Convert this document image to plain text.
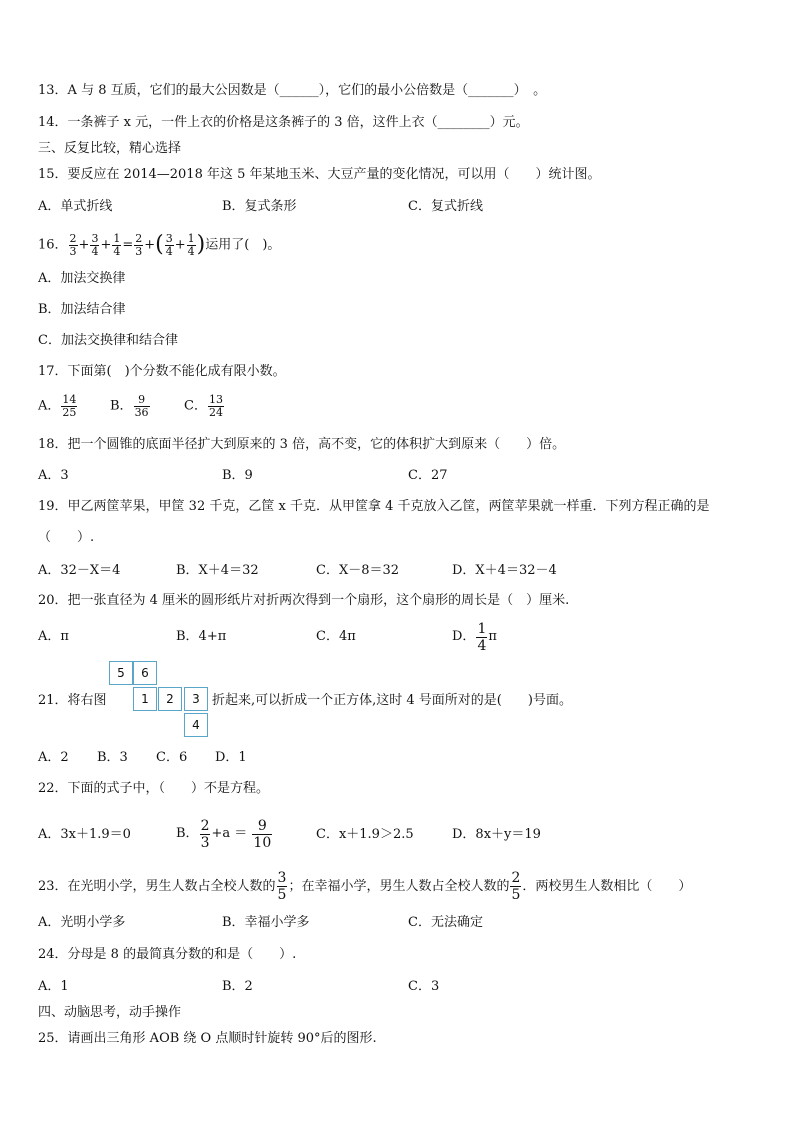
13．A 与 8 互质，它们的最大公因数是（______），它们的最小公倍数是（_______）　。
14．一条裤子 x 元，一件上衣的价格是这条裤子的 3 倍，这件上衣（________）元。
三、反复比较，精心选择
15．要反应在 2014—2018 年这 5 年某地玉米、大豆产量的变化情况，可以用（　　）统计图。
A．单式折线	B．复式条形	C．复式折线
16． $\frac{2}{3} + \frac{3}{4} + \frac{1}{4} = \frac{2}{3}$ +( $\frac{3}{4} + \frac{1}{4}$ )运用了(　)。
A．加法交换律
B．加法结合律
C．加法交换律和结合律
17．下面第(　)个分数不能化成有限小数。
A． $\frac{14}{25}$	B． $\frac{9}{36}$	C． $\frac{13}{24}$
18．把一个圆锥的底面半径扩大到原来的 3 倍，高不变，它的体积扩大到原来（　　）倍。
A．3	B．9	C．27
19．甲乙两筐苹果，甲筐 32 千克，乙筐 x 千克．从甲筐拿 4 千克放入乙筐，两筐苹果就一样重．下列方程正确的是
（　　）.
A．32－X＝4	B．X＋4＝32	C．X－8＝32	D．X＋4＝32－4
20．把一张直径为 4 厘米的圆形纸片对折两次得到一个扇形，这个扇形的周长是（　）厘米.
A．π	B．4+π	C．4π	D． $\frac{1}{4}$ π
21．将右图
5	6
1	2	3
4
折起来,可以折成一个正方体,这时 4 号面所对的是(　　)号面。
A．2 B．3 C．6 D．1
22．下面的式子中，（　　）不是方程。
A．3x＋1.9＝0	B． $\frac{2}{3} +a = \frac{9}{10}$	C．x＋1.9＞2.5	D．8x＋y＝19
23．在光明小学，男生人数占全校人数的 $\frac{3}{5}$ ；在幸福小学，男生人数占全校人数的 $\frac{2}{5}$ ．两校男生人数相比（　　）
A．光明小学多	B．幸福小学多	C．无法确定
24．分母是 8 的最简真分数的和是（　　）.
A．1	B．2	C．3
四、动脑思考，动手操作
25．请画出三角形 AOB 绕 O 点顺时针旋转 90°后的图形.
